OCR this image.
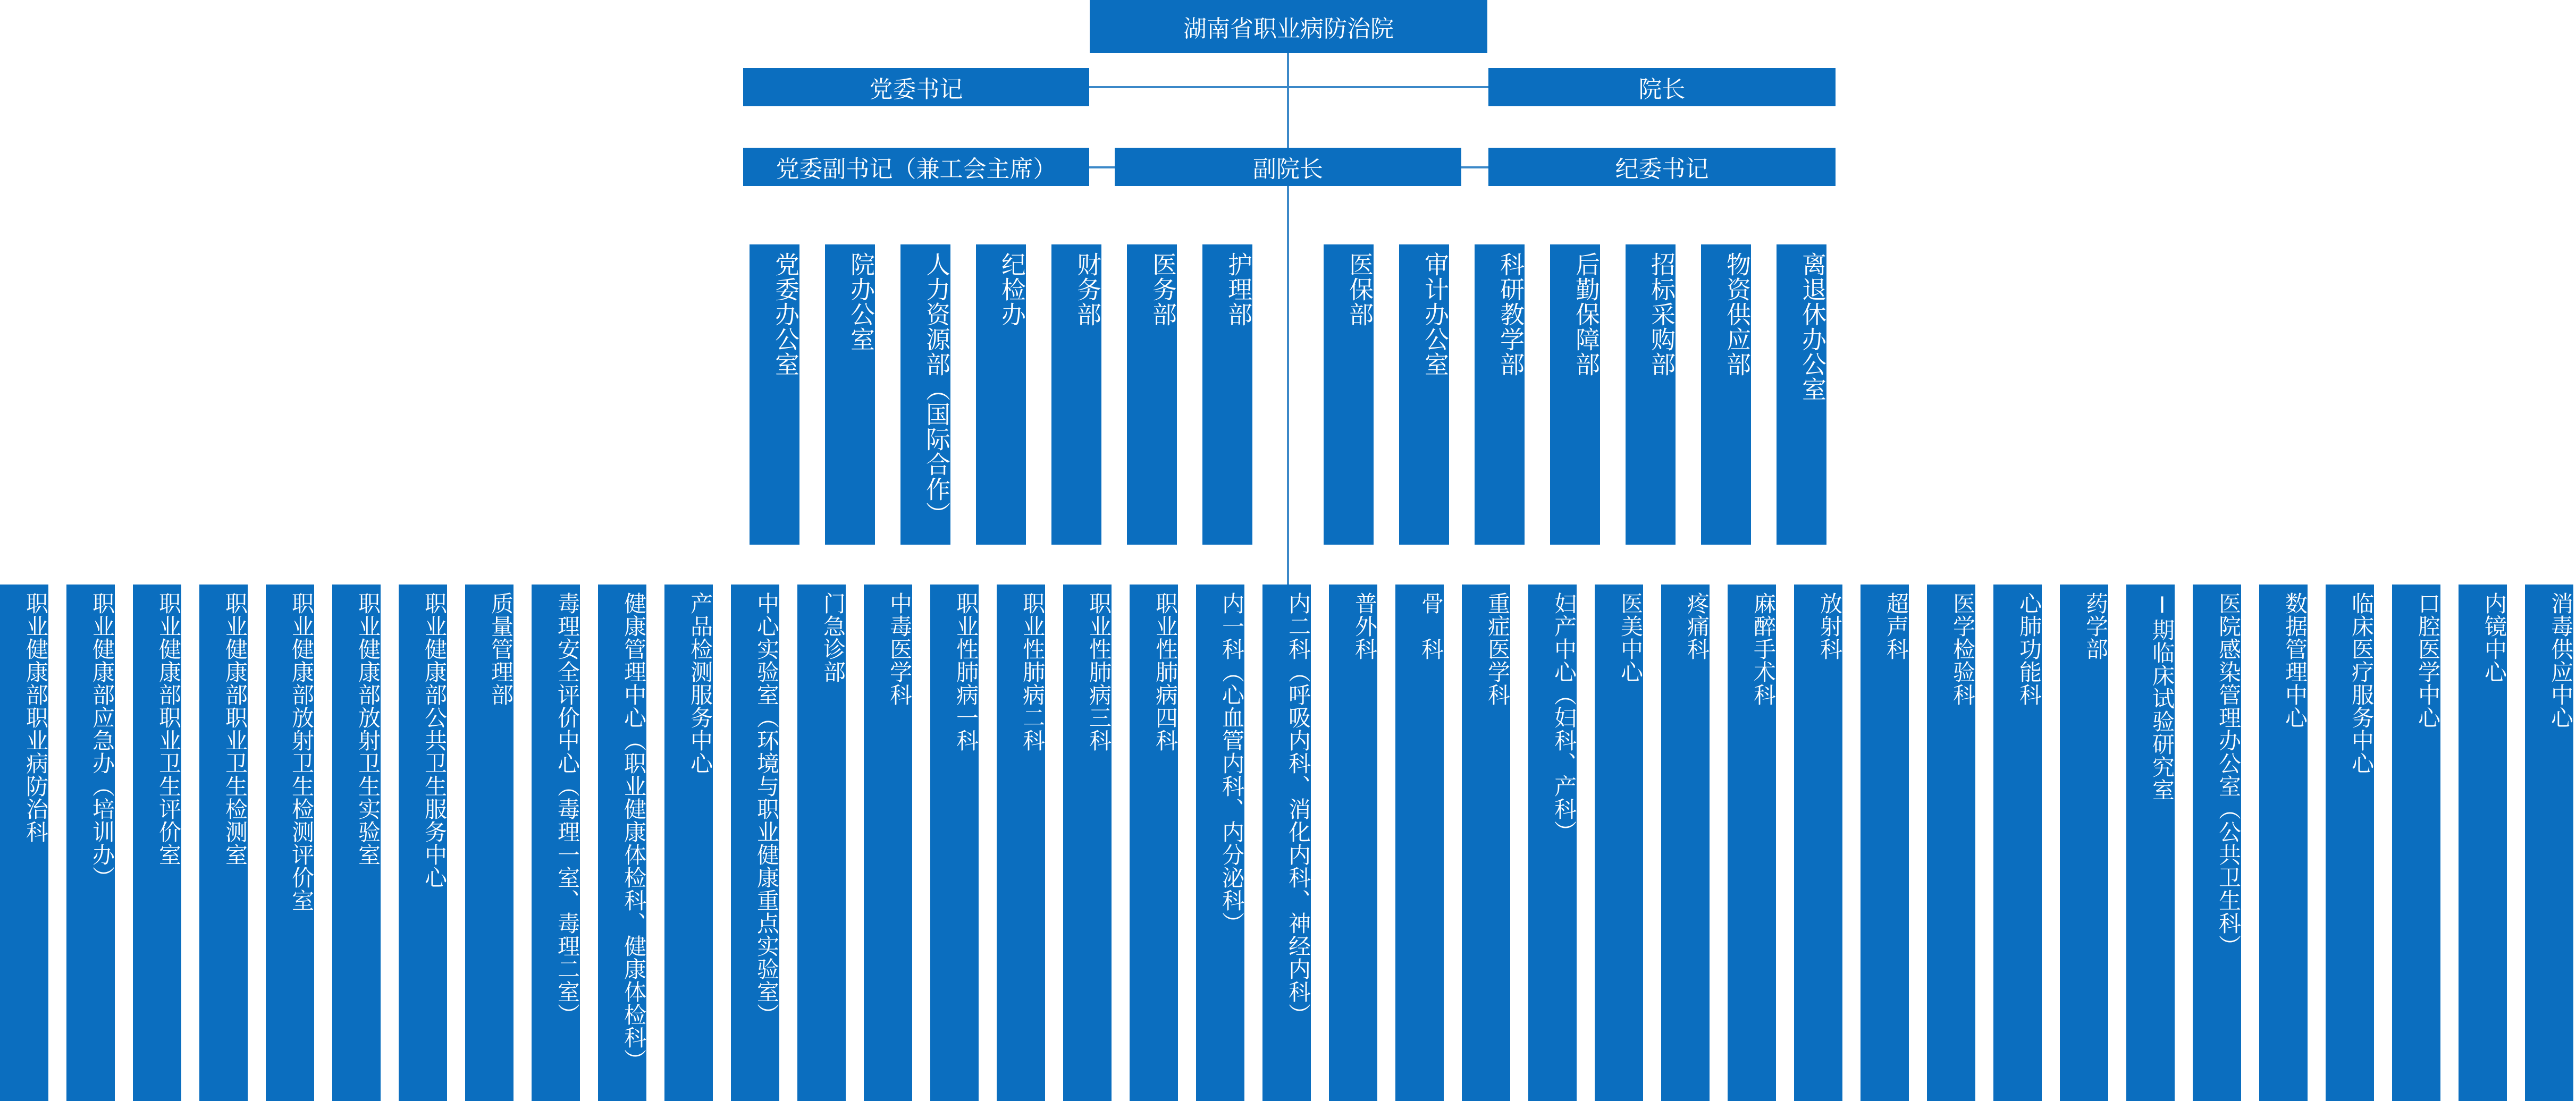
湖南省职业病防治院
党委书记	院长
党委副书记（兼工会主席）	副院长	纪委书记
党委办公室	院办公室	人力资源部（国际合作）	纪检办	财务部	医务部	护理部	医保部	审计办公室	科研教学部	后勤保障部	招标采购部	物资供应部	离退休办公室
职业健康部职业病防治科	职业健康部应急办（培训办）	职业健康部职业卫生评价室	职业健康部职业卫生检测室	职业健康部放射卫生检测评价室	职业健康部放射卫生实验室	职业健康部公共卫生服务中心	质量管理部	毒理安全评价中心（毒理一室、毒理二室）	健康管理中心（职业健康体检科、健康体检科）	产品检测服务中心	中心实验室（环境与职业健康重点实验室）	门急诊部	中毒医学科	职业性肺病一科	职业性肺病二科	职业性肺病三科	职业性肺病四科	内一科（心血管内科、内分泌科）	内二科（呼吸内科、消化内科、神经内科）	普外科	骨　科	重症医学科	妇产中心（妇科、产科）	医美中心	疼痛科	麻醉手术科	放射科	超声科	医学检验科	心肺功能科	药学部	Ⅰ期临床试验研究室	医院感染管理办公室（公共卫生科）	数据管理中心	临床医疗服务中心	口腔医学中心	内镜中心	消毒供应中心
